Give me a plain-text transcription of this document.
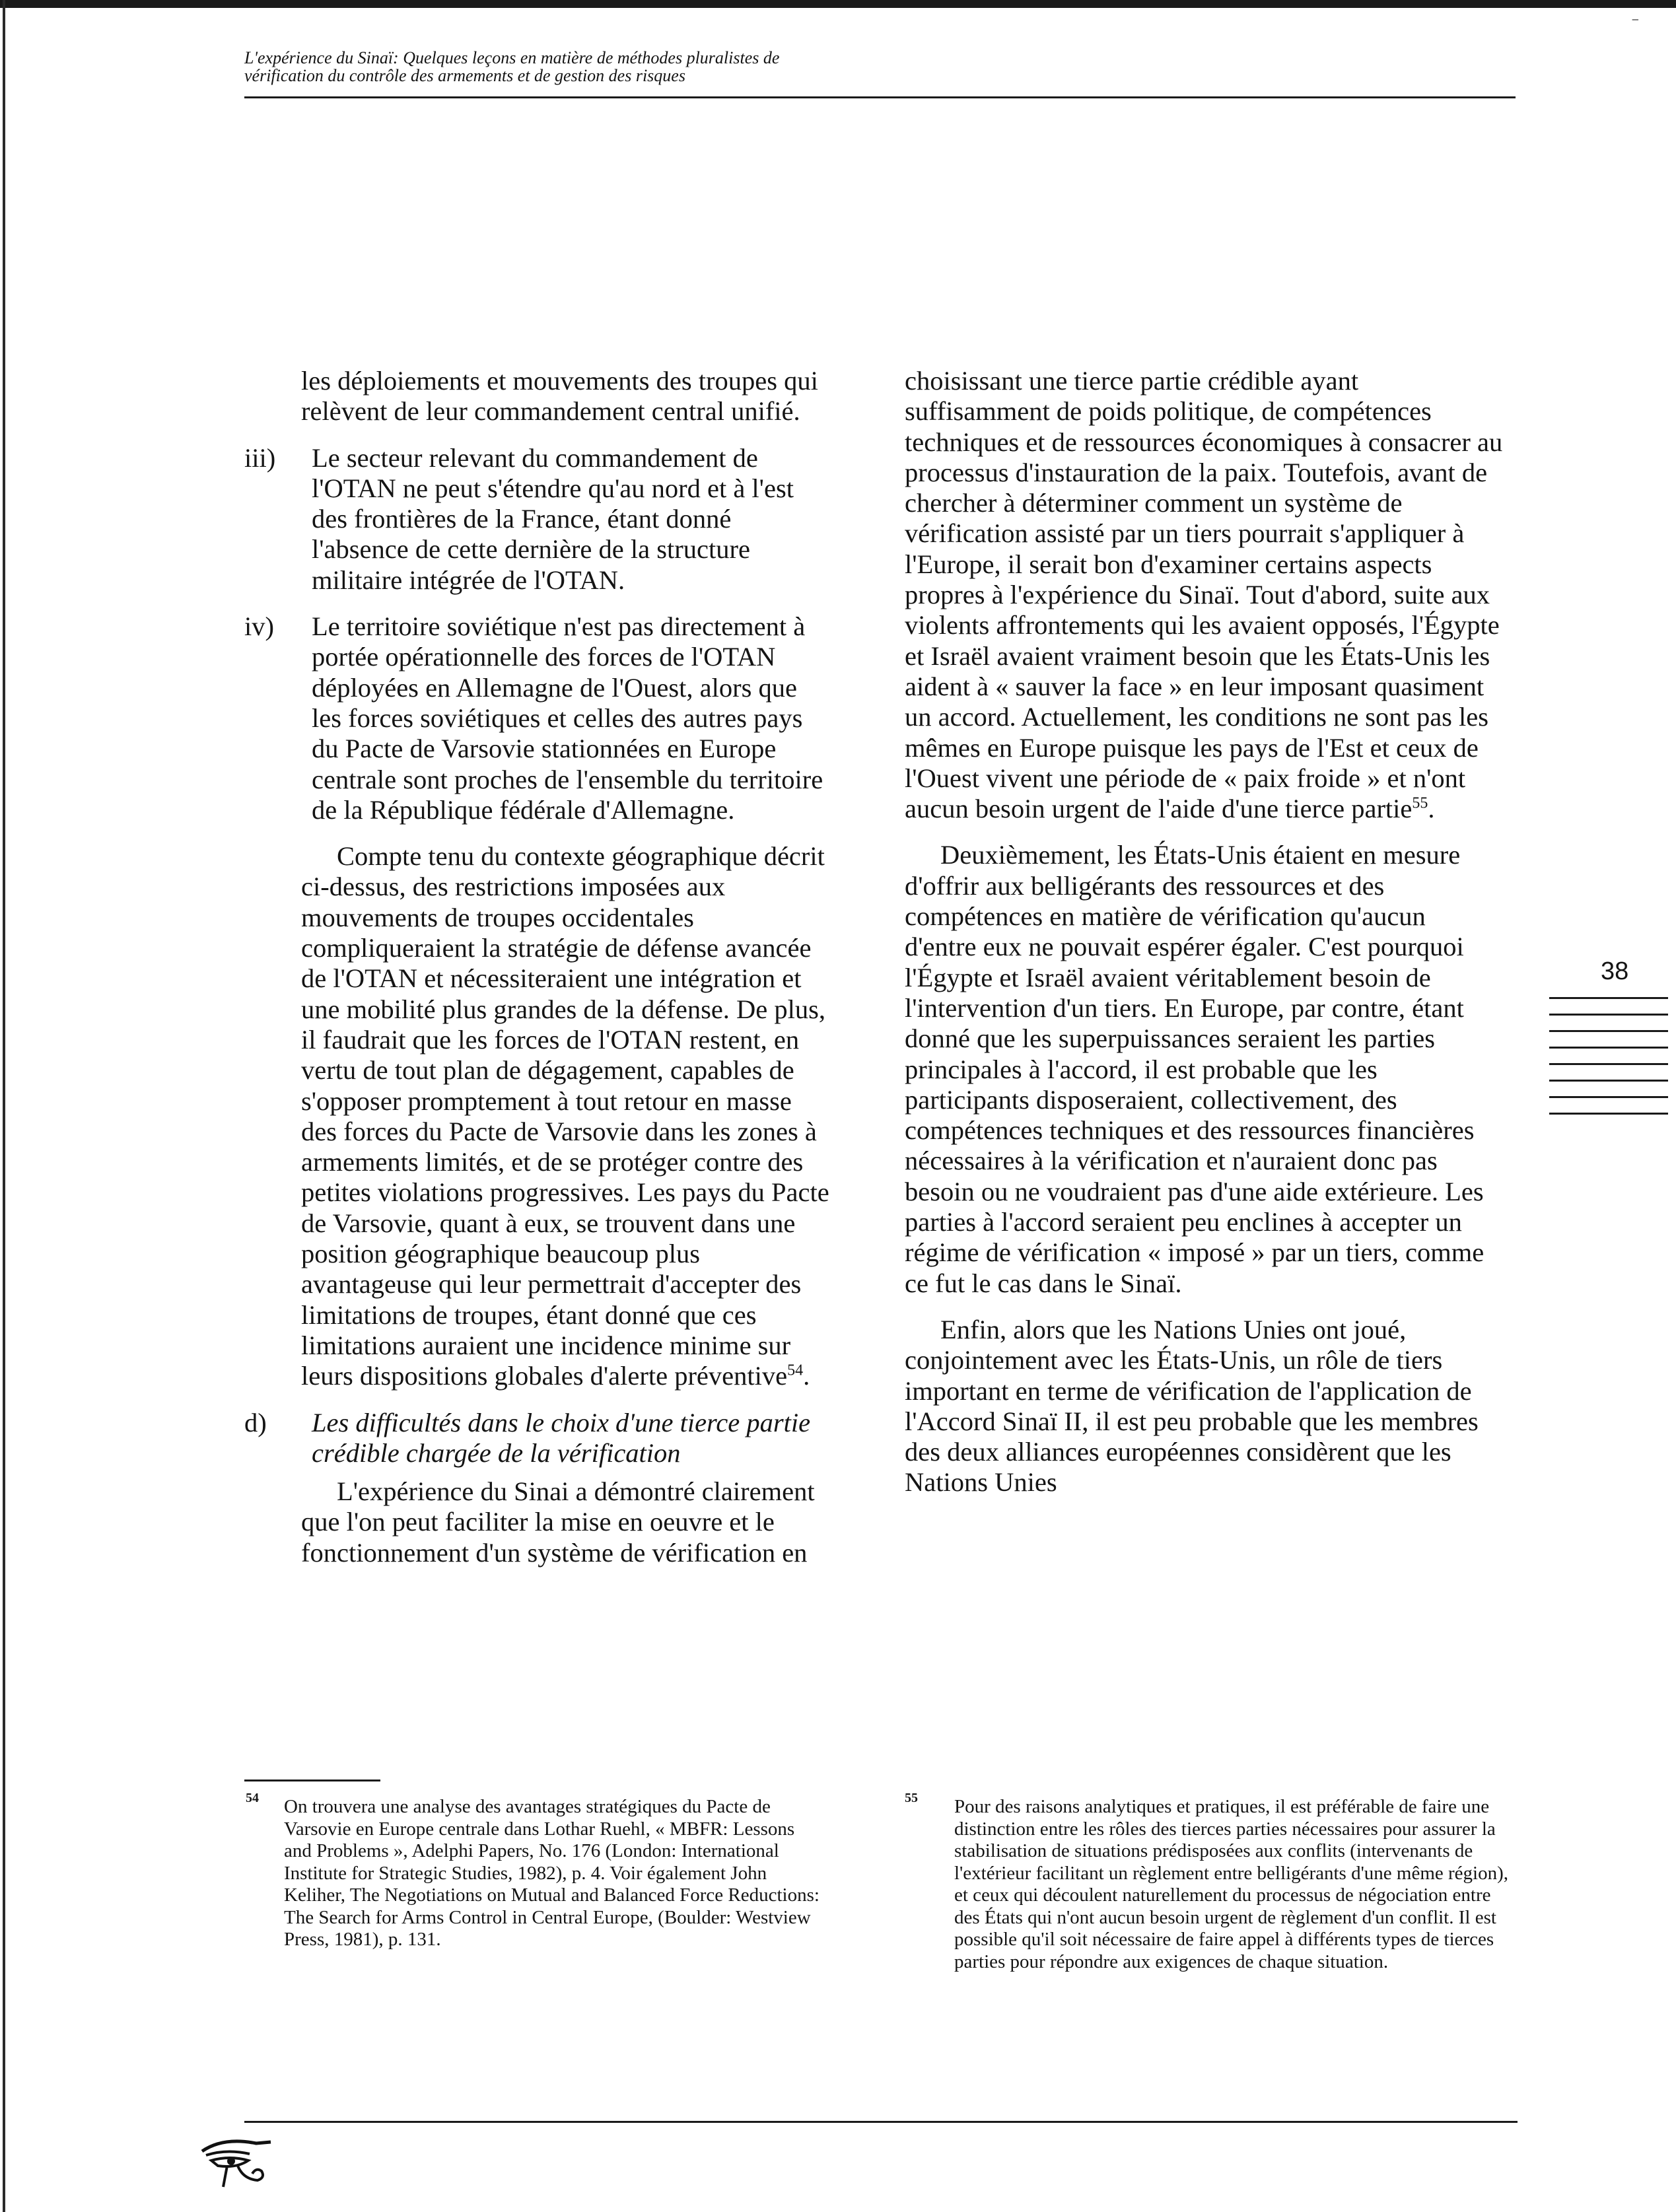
⁻
L'expérience du Sinaï: Quelques leçons en matière de méthodes pluralistes de
vérification du contrôle des armements et de gestion des risques

les déploiements et mouvements des troupes qui relèvent de leur commandement central unifié.

iii)	Le secteur relevant du commandement de l'OTAN ne peut s'étendre qu'au nord et à l'est des frontières de la France, étant donné l'absence de cette dernière de la structure militaire intégrée de l'OTAN.
iv)	Le territoire soviétique n'est pas directement à portée opérationnelle des forces de l'OTAN déployées en Allemagne de l'Ouest, alors que les forces soviétiques et celles des autres pays du Pacte de Varsovie stationnées en Europe centrale sont proches de l'ensemble du territoire de la République fédérale d'Allemagne.

Compte tenu du contexte géographique décrit ci-dessus, des restrictions imposées aux mouvements de troupes occidentales compliqueraient la stratégie de défense avancée de l'OTAN et nécessiteraient une intégration et une mobilité plus grandes de la défense. De plus, il faudrait que les forces de l'OTAN restent, en vertu de tout plan de dégagement, capables de s'opposer promptement à tout retour en masse des forces du Pacte de Varsovie dans les zones à armements limités, et de se protéger contre des petites violations progressives. Les pays du Pacte de Varsovie, quant à eux, se trouvent dans une position géographique beaucoup plus avantageuse qui leur permettrait d'accepter des limitations de troupes, étant donné que ces limitations auraient une incidence minime sur leurs dispositions globales d'alerte préventive$^{54}$.

d)	Les difficultés dans le choix d'une tierce partie crédible chargée de la vérification

L'expérience du Sinai a démontré clairement que l'on peut faciliter la mise en oeuvre et le fonctionnement d'un système de vérification en

choisissant une tierce partie crédible ayant suffisamment de poids politique, de compétences techniques et de ressources économiques à consacrer au processus d'instauration de la paix. Toutefois, avant de chercher à déterminer comment un système de vérification assisté par un tiers pourrait s'appliquer à l'Europe, il serait bon d'examiner certains aspects propres à l'expérience du Sinaï. Tout d'abord, suite aux violents affrontements qui les avaient opposés, l'Égypte et Israël avaient vraiment besoin que les États-Unis les aident à « sauver la face » en leur imposant quasiment un accord. Actuellement, les conditions ne sont pas les mêmes en Europe puisque les pays de l'Est et ceux de l'Ouest vivent une période de « paix froide » et n'ont aucun besoin urgent de l'aide d'une tierce partie$^{55}$.

Deuxièmement, les États-Unis étaient en mesure d'offrir aux belligérants des ressources et des compétences en matière de vérification qu'aucun d'entre eux ne pouvait espérer égaler. C'est pourquoi l'Égypte et Israël avaient véritablement besoin de l'intervention d'un tiers. En Europe, par contre, étant donné que les superpuissances seraient les parties principales à l'accord, il est probable que les participants disposeraient, collectivement, des compétences techniques et des ressources financières nécessaires à la vérification et n'auraient donc pas besoin ou ne voudraient pas d'une aide extérieure. Les parties à l'accord seraient peu enclines à accepter un régime de vérification « imposé » par un tiers, comme ce fut le cas dans le Sinaï.

Enfin, alors que les Nations Unies ont joué, conjointement avec les États-Unis, un rôle de tiers important en terme de vérification de l'application de l'Accord Sinaï II, il est peu probable que les membres des deux alliances européennes considèrent que les Nations Unies

38
54 On trouvera une analyse des avantages stratégiques du Pacte de Varsovie en Europe centrale dans Lothar Ruehl, « MBFR: Lessons and Problems », Adelphi Papers, No. 176 (London: International Institute for Strategic Studies, 1982), p. 4. Voir également John Keliher, The Negotiations on Mutual and Balanced Force Reductions: The Search for Arms Control in Central Europe, (Boulder: Westview Press, 1981), p. 131.
55 Pour des raisons analytiques et pratiques, il est préférable de faire une distinction entre les rôles des tierces parties nécessaires pour assurer la stabilisation de situations prédisposées aux conflits (intervenants de l'extérieur facilitant un règlement entre belligérants d'une même région), et ceux qui découlent naturellement du processus de négociation entre des États qui n'ont aucun besoin urgent de règlement d'un conflit. Il est possible qu'il soit nécessaire de faire appel à différents types de tierces parties pour répondre aux exigences de chaque situation.
